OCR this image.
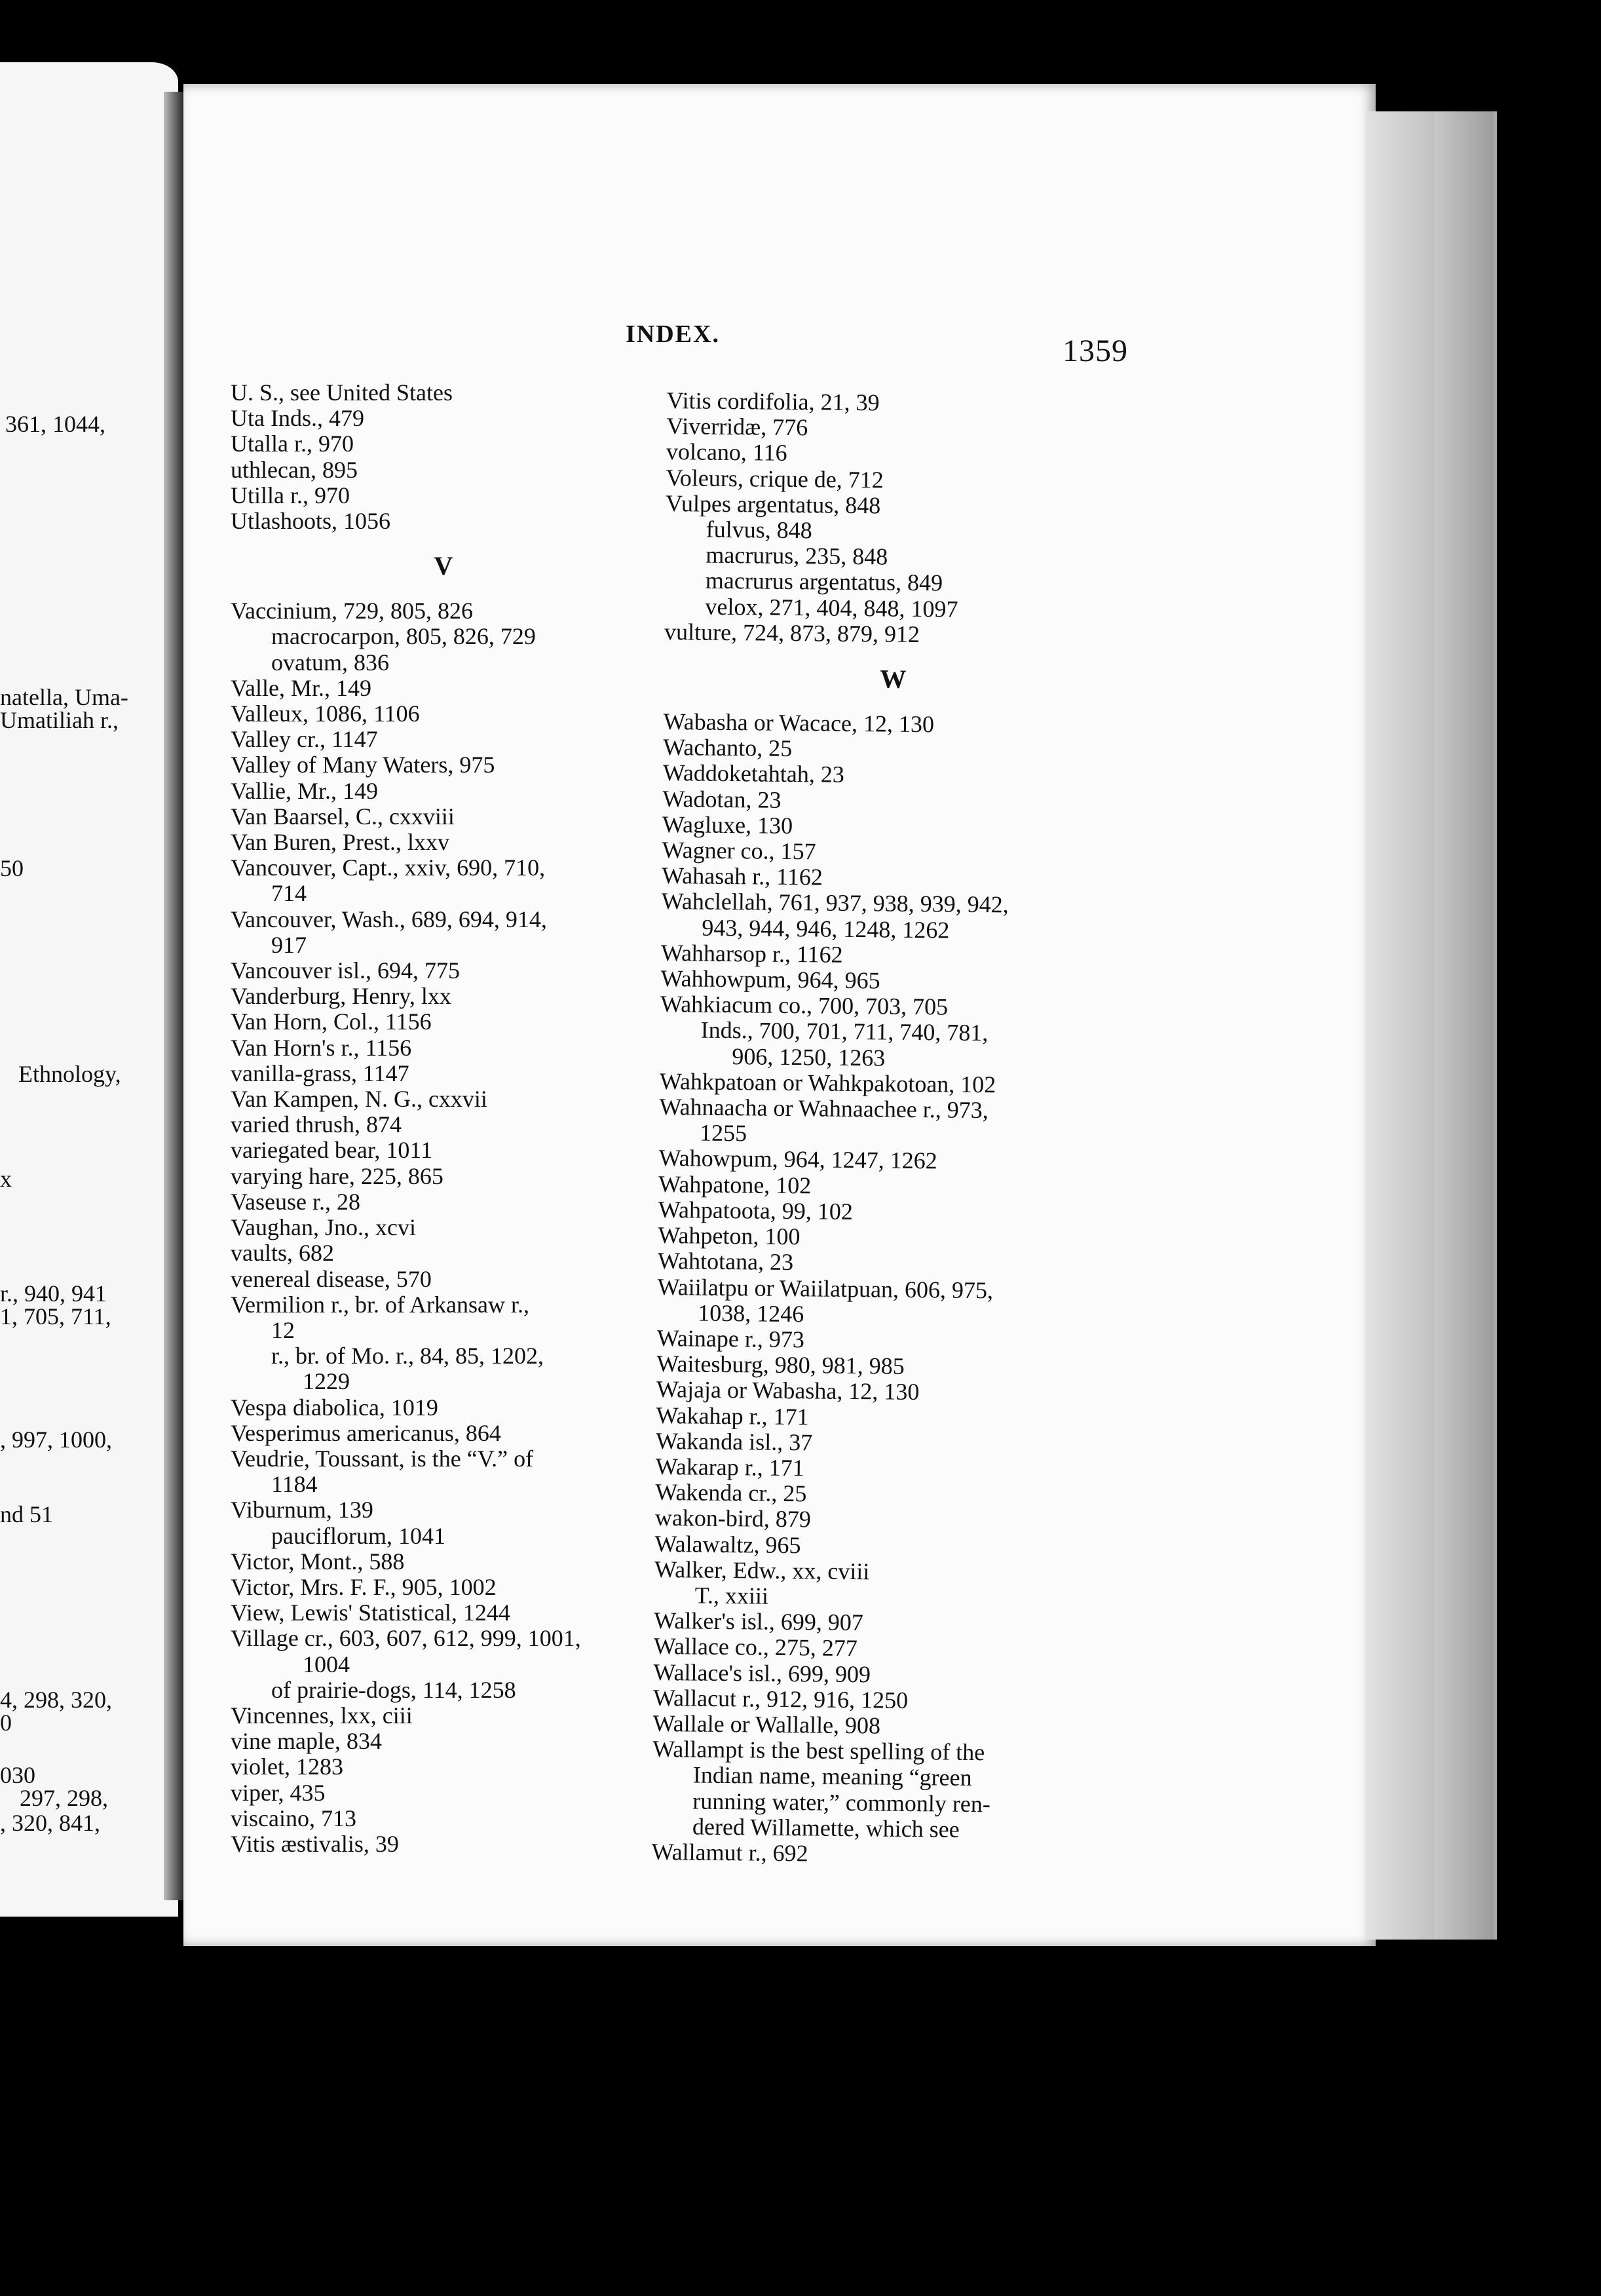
361, 1044,
natella, Uma-
Umatiliah r.,
50
Ethnology,
x
r., 940, 941
1, 705, 711,
, 997, 1000,
nd 51
4, 298, 320,
0
030
297, 298,
, 320, 841,
INDEX.	1359
U. S., see United States
Uta Inds., 479
Utalla r., 970
uthlecan, 895
Utilla r., 970
Utlashoots, 1056
V
Vaccinium, 729, 805, 826
macrocarpon, 805, 826, 729
ovatum, 836
Valle, Mr., 149
Valleux, 1086, 1106
Valley cr., 1147
Valley of Many Waters, 975
Vallie, Mr., 149
Van Baarsel, C., cxxviii
Van Buren, Prest., lxxv
Vancouver, Capt., xxiv, 690, 710,
714
Vancouver, Wash., 689, 694, 914,
917
Vancouver isl., 694, 775
Vanderburg, Henry, lxx
Van Horn, Col., 1156
Van Horn's r., 1156
vanilla-grass, 1147
Van Kampen, N. G., cxxvii
varied thrush, 874
variegated bear, 1011
varying hare, 225, 865
Vaseuse r., 28
Vaughan, Jno., xcvi
vaults, 682
venereal disease, 570
Vermilion r., br. of Arkansaw r.,
12
r., br. of Mo. r., 84, 85, 1202,
1229
Vespa diabolica, 1019
Vesperimus americanus, 864
Veudrie, Toussant, is the “V.” of
1184
Viburnum, 139
pauciflorum, 1041
Victor, Mont., 588
Victor, Mrs. F. F., 905, 1002
View, Lewis' Statistical, 1244
Village cr., 603, 607, 612, 999, 1001,
1004
of prairie-dogs, 114, 1258
Vincennes, lxx, ciii
vine maple, 834
violet, 1283
viper, 435
viscaino, 713
Vitis æstivalis, 39
Vitis cordifolia, 21, 39
Viverridæ, 776
volcano, 116
Voleurs, crique de, 712
Vulpes argentatus, 848
fulvus, 848
macrurus, 235, 848
macrurus argentatus, 849
velox, 271, 404, 848, 1097
vulture, 724, 873, 879, 912
W
Wabasha or Wacace, 12, 130
Wachanto, 25
Waddoketahtah, 23
Wadotan, 23
Wagluxe, 130
Wagner co., 157
Wahasah r., 1162
Wahclellah, 761, 937, 938, 939, 942,
943, 944, 946, 1248, 1262
Wahharsop r., 1162
Wahhowpum, 964, 965
Wahkiacum co., 700, 703, 705
Inds., 700, 701, 711, 740, 781,
906, 1250, 1263
Wahkpatoan or Wahkpakotoan, 102
Wahnaacha or Wahnaachee r., 973,
1255
Wahowpum, 964, 1247, 1262
Wahpatone, 102
Wahpatoota, 99, 102
Wahpeton, 100
Wahtotana, 23
Waiilatpu or Waiilatpuan, 606, 975,
1038, 1246
Wainape r., 973
Waitesburg, 980, 981, 985
Wajaja or Wabasha, 12, 130
Wakahap r., 171
Wakanda isl., 37
Wakarap r., 171
Wakenda cr., 25
wakon-bird, 879
Walawaltz, 965
Walker, Edw., xx, cviii
T., xxiii
Walker's isl., 699, 907
Wallace co., 275, 277
Wallace's isl., 699, 909
Wallacut r., 912, 916, 1250
Wallale or Wallalle, 908
Wallampt is the best spelling of the
Indian name, meaning “green
running water,” commonly ren-
dered Willamette, which see
Wallamut r., 692
